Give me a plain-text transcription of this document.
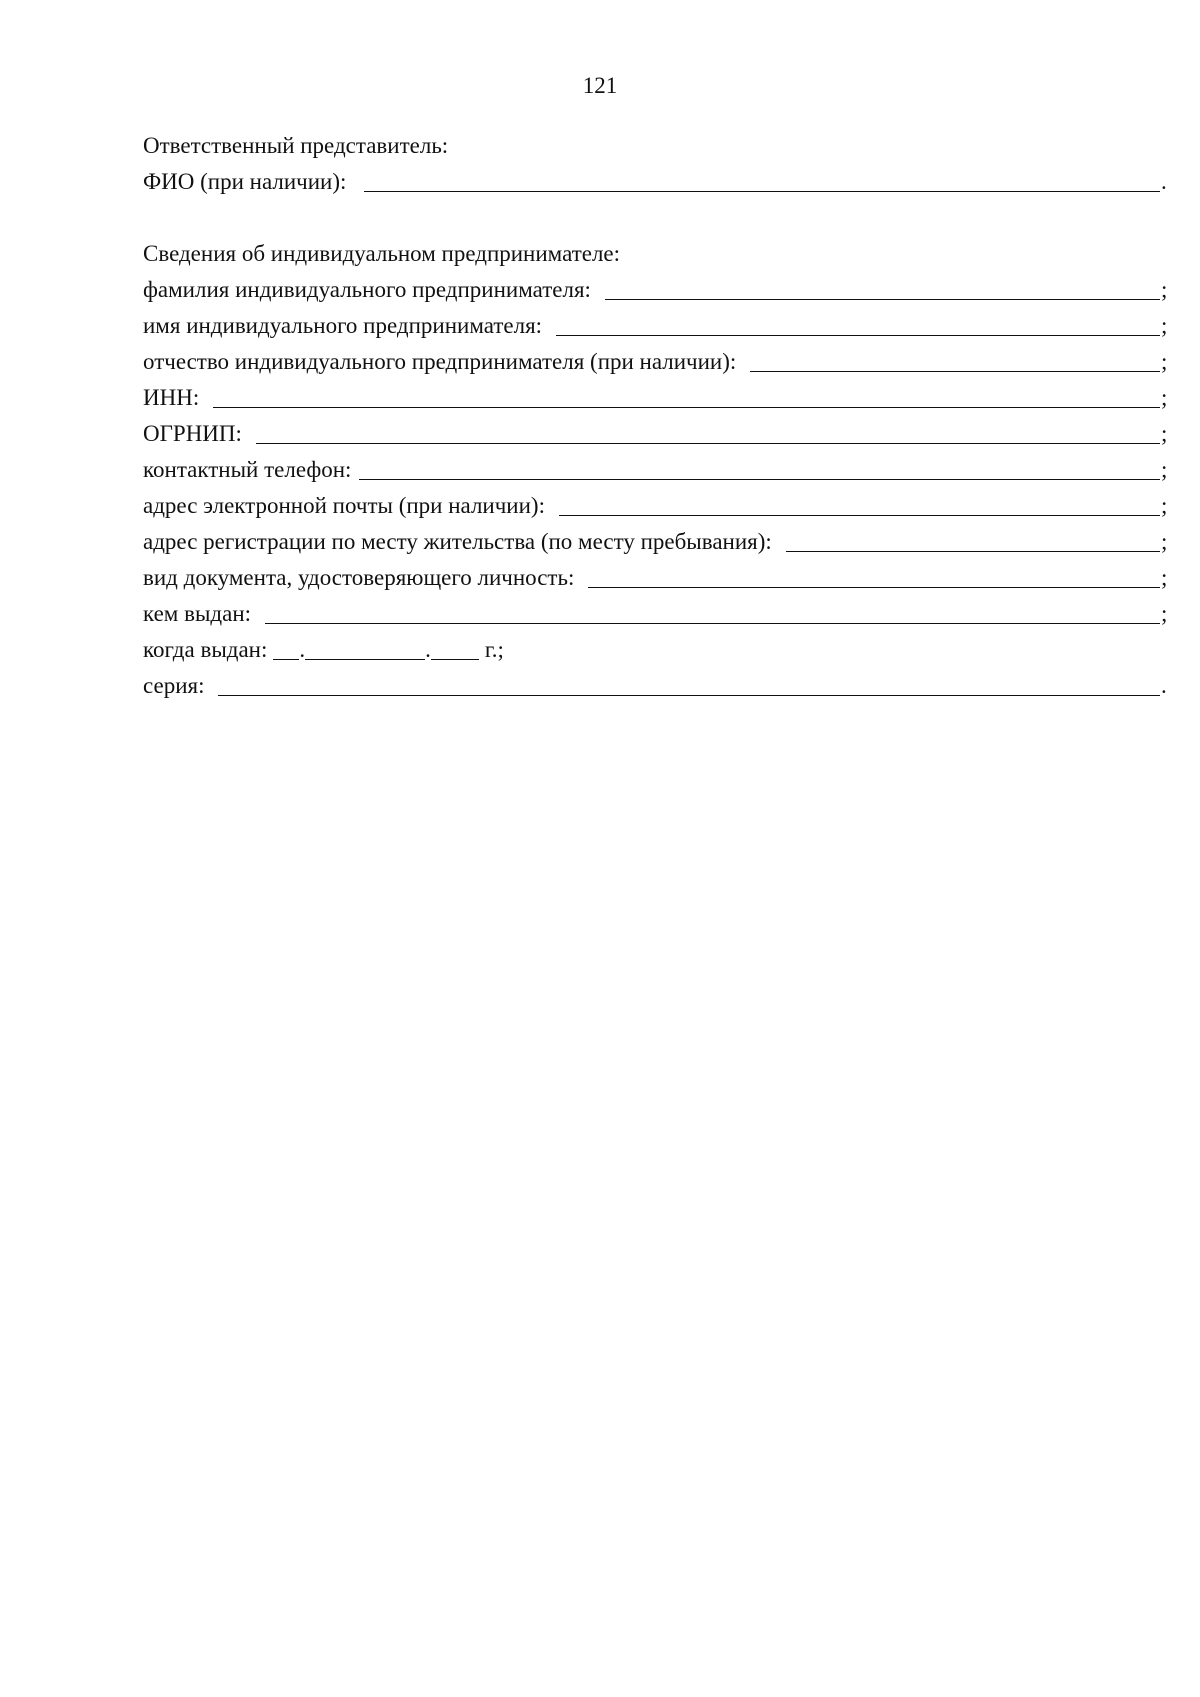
121
Ответственный представитель:
ФИО (при наличии):	.
Сведения об индивидуальном предпринимателе:
фамилия индивидуального предпринимателя:	;
имя индивидуального предпринимателя:	;
отчество индивидуального предпринимателя (при наличии):	;
ИНН:	;
ОГРНИП:	;
контактный телефон:	;
адрес электронной почты (при наличии):	;
адрес регистрации по месту жительства (по месту пребывания):	;
вид документа, удостоверяющего личность:	;
кем выдан:	;
когда выдан: .	. г.;
серия:	.
